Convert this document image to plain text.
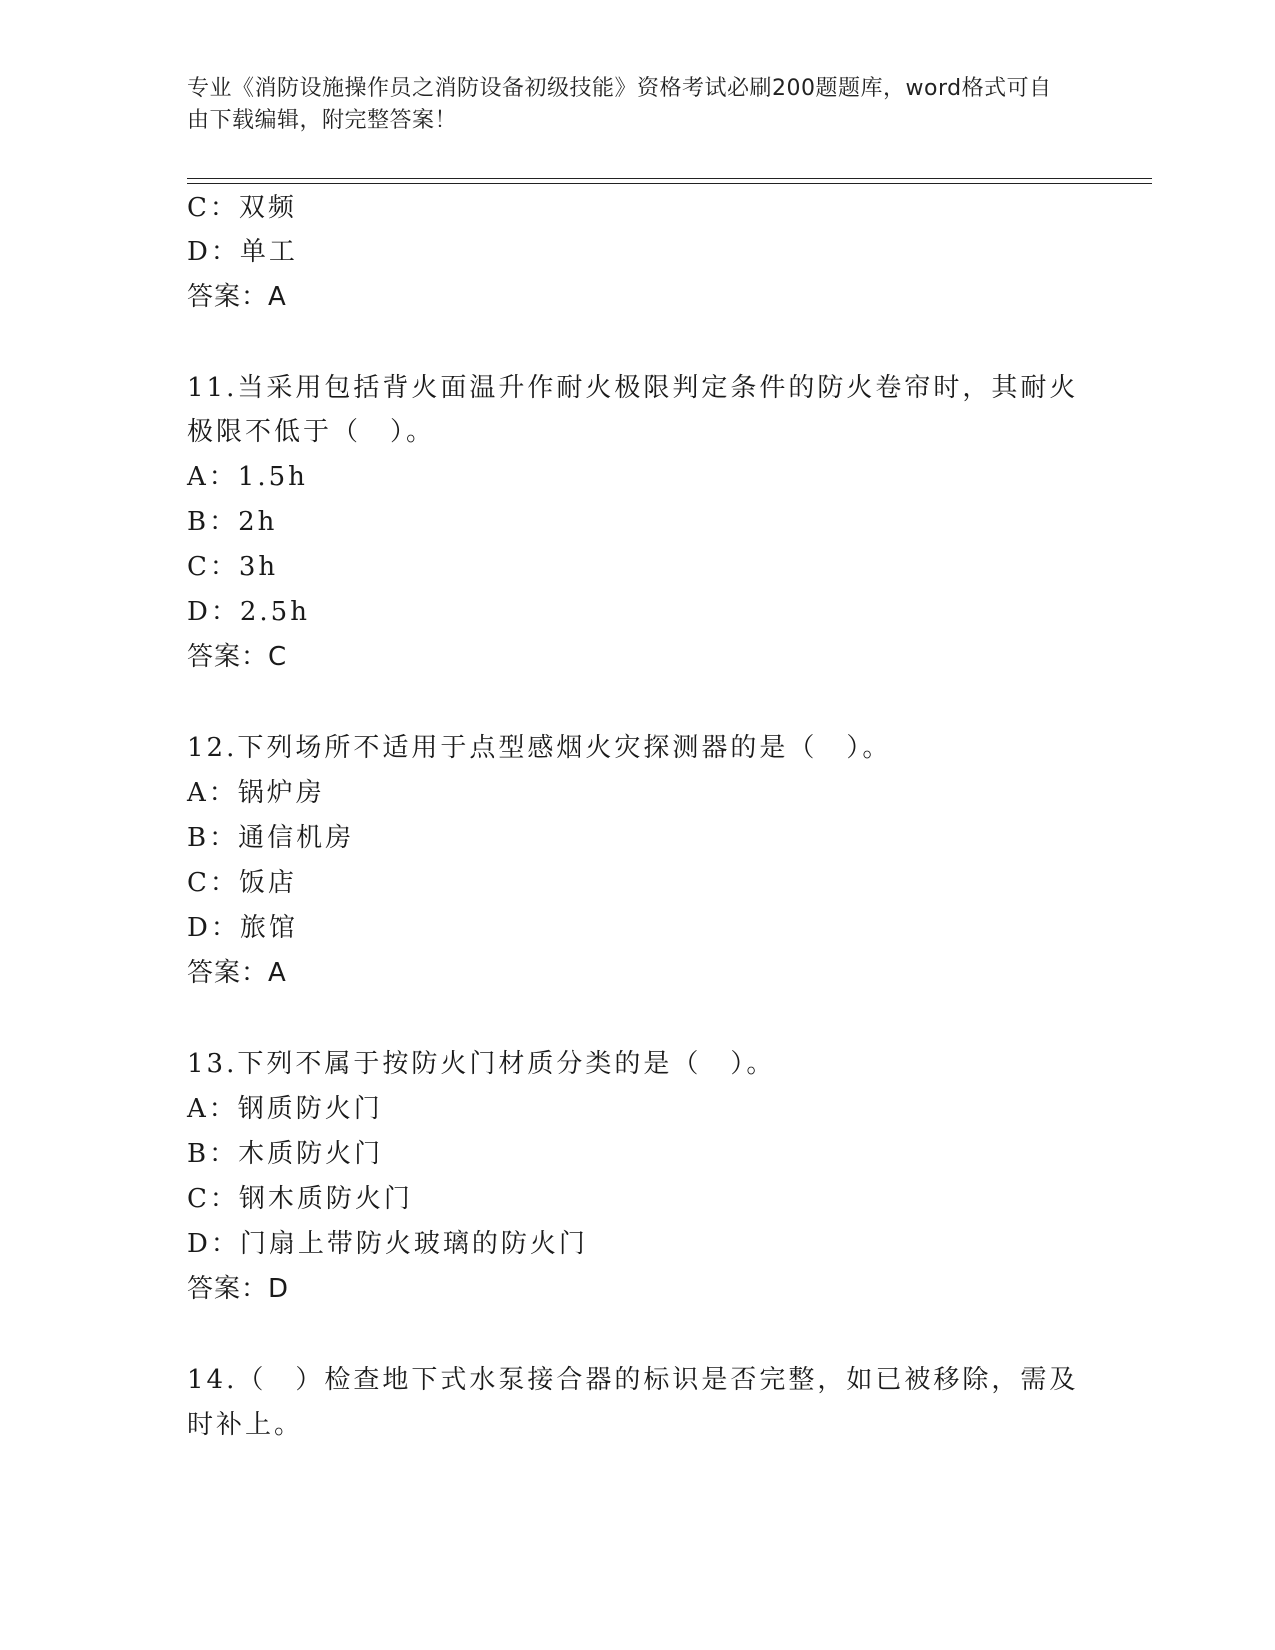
专业《消防设施操作员之消防设备初级技能》资格考试必刷200题题库，word格式可自由下载编辑，附完整答案！
C：双频
D：单工
答案：A
11.当采用包括背火面温升作耐火极限判定条件的防火卷帘时，其耐火
极限不低于（　）。
A：1.5h
B：2h
C：3h
D：2.5h
答案：C
12.下列场所不适用于点型感烟火灾探测器的是（　）。
A：锅炉房
B：通信机房
C：饭店
D：旅馆
答案：A
13.下列不属于按防火门材质分类的是（　）。
A：钢质防火门
B：木质防火门
C：钢木质防火门
D：门扇上带防火玻璃的防火门
答案：D
14.（　）检查地下式水泵接合器的标识是否完整，如已被移除，需及
时补上。
